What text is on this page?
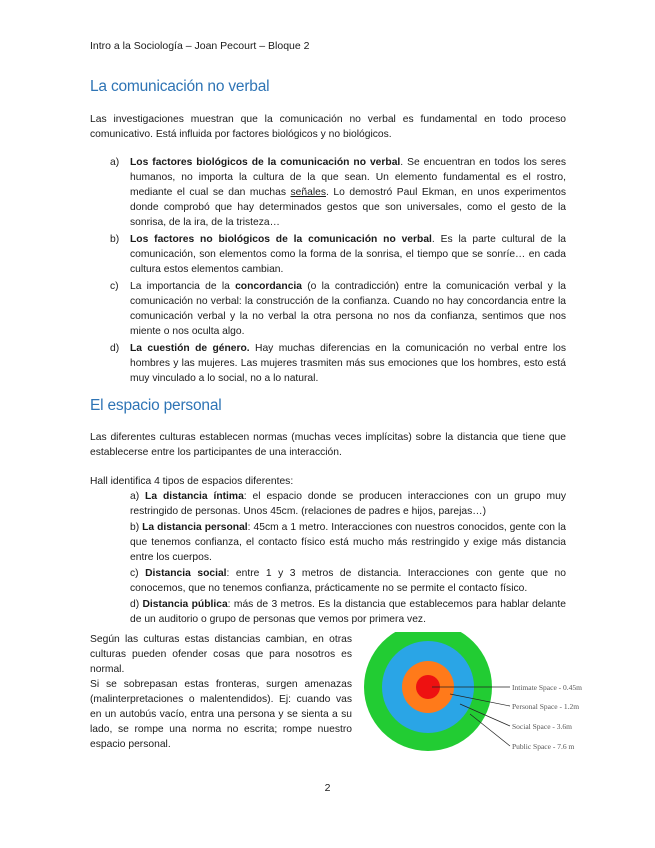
Intro a la Sociología – Joan Pecourt – Bloque 2
La comunicación no verbal

Las investigaciones muestran que la comunicación no verbal es fundamental en todo proceso comunicativo. Está influida por factores biológicos y no biológicos.

a) Los factores biológicos de la comunicación no verbal. Se encuentran en todos los seres humanos, no importa la cultura de la que sean. Un elemento fundamental es el rostro, mediante el cual se dan muchas señales. Lo demostró Paul Ekman, en unos experimentos donde comprobó que hay determinados gestos que son universales, como el gesto de la sonrisa, de la ira, de la tristeza…
b) Los factores no biológicos de la comunicación no verbal. Es la parte cultural de la comunicación, son elementos como la forma de la sonrisa, el tiempo que se sonríe… en cada cultura estos elementos cambian.
c) La importancia de la concordancia (o la contradicción) entre la comunicación verbal y la comunicación no verbal: la construcción de la confianza. Cuando no hay concordancia entre la comunicación verbal y la no verbal la otra persona no nos da confianza, sentimos que nos miente o nos oculta algo.
d) La cuestión de género. Hay muchas diferencias en la comunicación no verbal entre los hombres y las mujeres. Las mujeres trasmiten más sus emociones que los hombres, esto está muy vinculado a lo social, no a lo natural.
El espacio personal

Las diferentes culturas establecen normas (muchas veces implícitas) sobre la distancia que tiene que establecerse entre los participantes de una interacción.

Hall identifica 4 tipos de espacios diferentes:

a) La distancia íntima: el espacio donde se producen interacciones con un grupo muy restringido de personas. Unos 45cm. (relaciones de padres e hijos, parejas…)
b) La distancia personal: 45cm a 1 metro. Interacciones con nuestros conocidos, gente con la que tenemos confianza, el contacto físico está mucho más restringido y exige más distancia entre los cuerpos.
c) Distancia social: entre 1 y 3 metros de distancia. Interacciones con gente que no conocemos, que no tenemos confianza, prácticamente no se permite el contacto físico.
d) Distancia pública: más de 3 metros. Es la distancia que establecemos para hablar delante de un auditorio o grupo de personas que vemos por primera vez.

Según las culturas estas distancias cambian, en otras culturas pueden ofender cosas que para nosotros es normal.

Si se sobrepasan estas fronteras, surgen amenazas (malinterpretaciones o malentendidos). Ej: cuando vas en un autobús vacío, entra una persona y se sienta a su lado, se rompe una norma no escrita; rompe nuestro espacio personal.

Intimate Space - 0.45m
Personal Space - 1.2m
Social Space - 3.6m
Public Space - 7.6 m
2
